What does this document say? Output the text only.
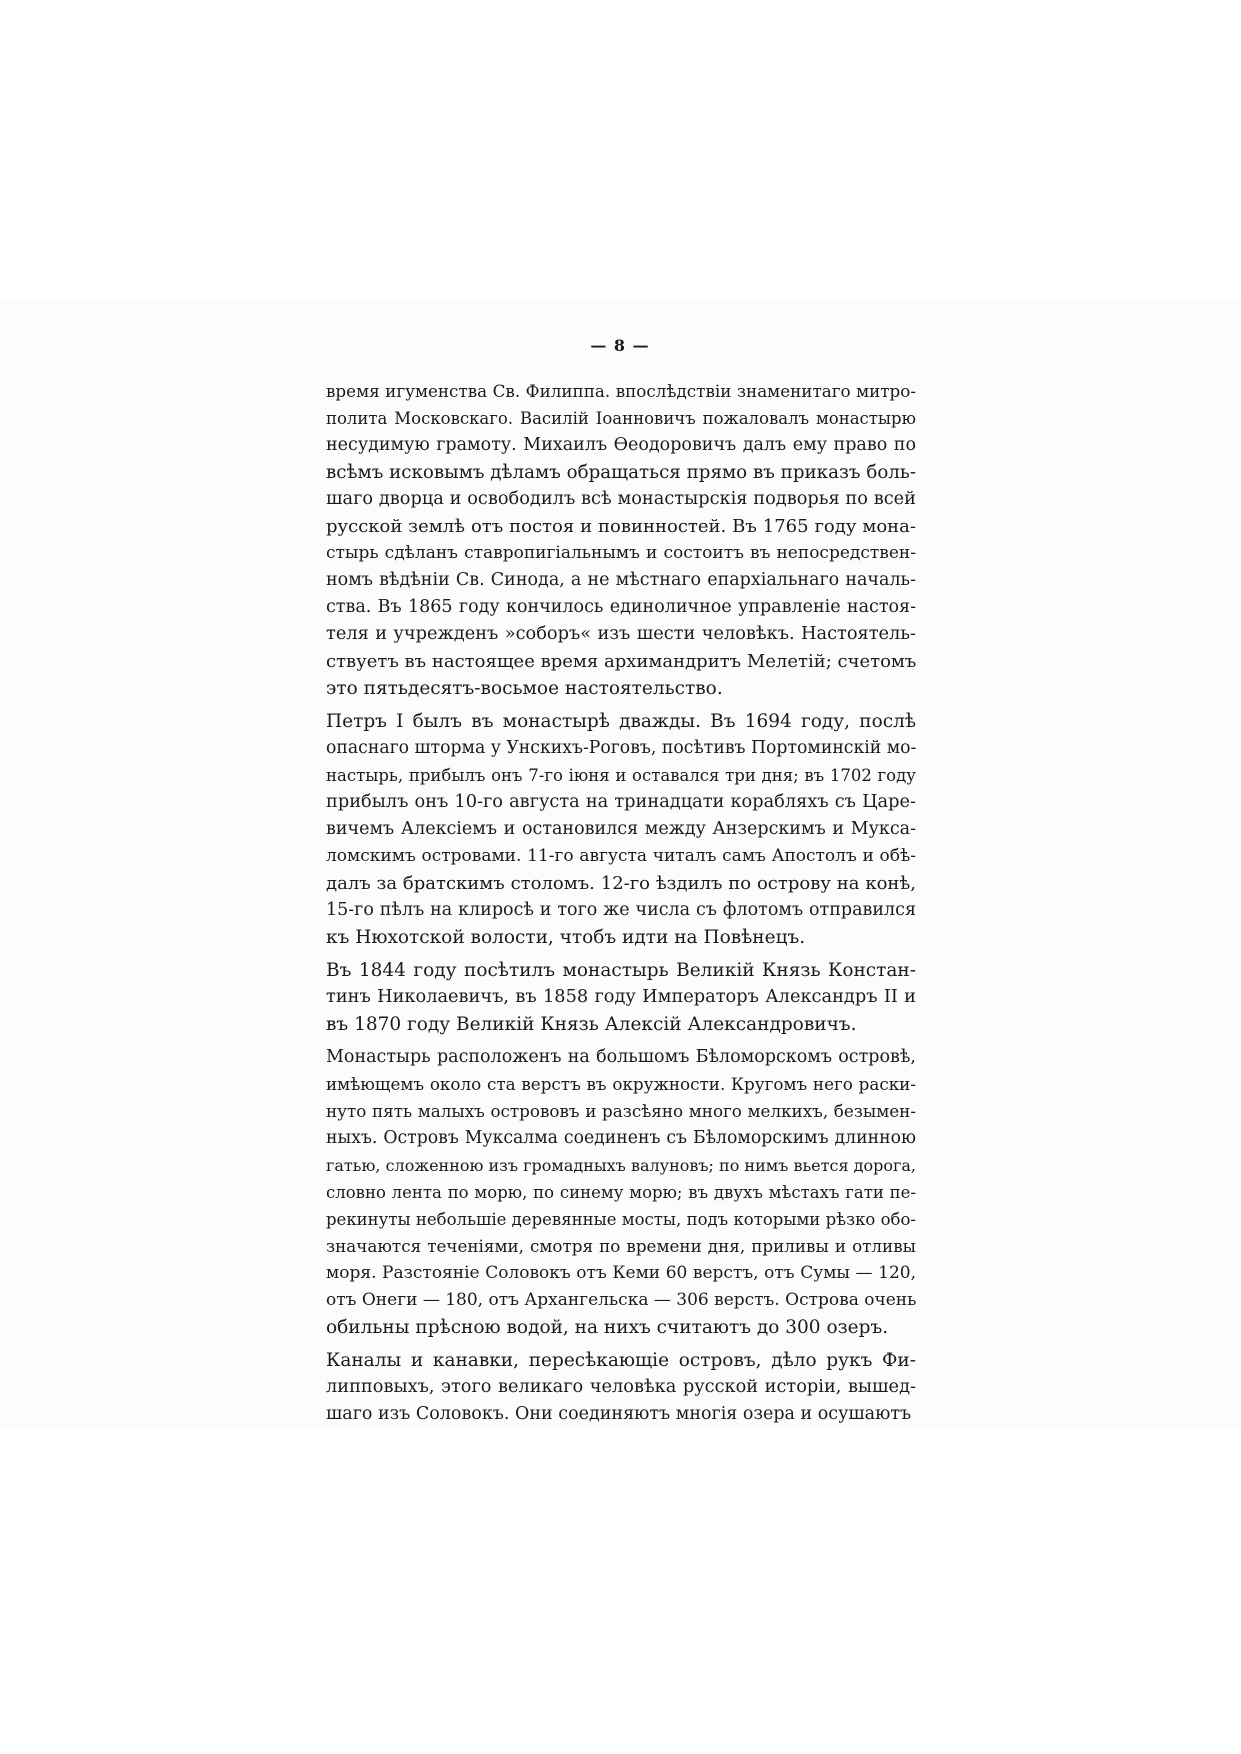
— 8 —
время игуменства Св. Филиппа. впослѣдствіи знаменитаго митро-
полита Московскаго. Василій Іоанновичъ пожаловалъ монастырю
несудимую грамоту. Михаилъ Ѳеодоровичъ далъ ему право по
всѣмъ исковымъ дѣламъ обращаться прямо въ приказъ боль-
шаго дворца и освободилъ всѣ монастырскія подворья по всей
русской землѣ отъ постоя и повинностей. Въ 1765 году мона-
стырь сдѣланъ ставропигіальнымъ и состоитъ въ непосредствен-
номъ вѣдѣніи Св. Синода, а не мѣстнаго епархіальнаго началь-
ства. Въ 1865 году кончилось единоличное управленіе настоя-
теля и учрежденъ »соборъ« изъ шести человѣкъ. Настоятель-
ствуетъ въ настоящее время архимандритъ Мелетій; счетомъ
это пятьдесятъ-восьмое настоятельство.
Петръ I былъ въ монастырѣ дважды. Въ 1694 году, послѣ
опаснаго шторма у Унскихъ-Роговъ, посѣтивъ Портоминскій мо-
настырь, прибылъ онъ 7-го іюня и оставался три дня; въ 1702 году
прибылъ онъ 10-го августа на тринадцати корабляхъ съ Царе-
вичемъ Алексіемъ и остановился между Анзерскимъ и Муксa-
ломскимъ островами. 11-го августа читалъ самъ Апостолъ и обѣ-
далъ за братскимъ столомъ. 12-го ѣздилъ по острову на конѣ,
15-го пѣлъ на клиросѣ и того же числа съ флотомъ отправился
къ Нюхотской волости, чтобъ идти на Повѣнецъ.
Въ 1844 году посѣтилъ монастырь Великій Князь Констан-
тинъ Николаевичъ, въ 1858 году Императоръ Александръ II и
въ 1870 году Великій Князь Алексій Александровичъ.
Монастырь расположенъ на большомъ Бѣломорскомъ островѣ,
имѣющемъ около ста верстъ въ окружности. Кругомъ него раски-
нуто пять малыхъ острововъ и разсѣяно много мелкихъ, безымен-
ныхъ. Островъ Муксалма соединенъ съ Бѣломорскимъ длинною
гатью, сложенною изъ громадныхъ валуновъ; по нимъ вьется дорога,
словно лента по морю, по синему морю; въ двухъ мѣстахъ гати пе-
рекинуты небольшіе деревянные мосты, подъ которыми рѣзко обо-
значаются теченіями, смотря по времени дня, приливы и отливы
моря. Разстояніе Соловокъ отъ Кеми 60 верстъ, отъ Сумы — 120,
отъ Онеги — 180, отъ Архангельска — 306 верстъ. Острова очень
обильны прѣсною водой, на нихъ считаютъ до 300 озеръ.
Каналы и канавки, пересѣкающіе островъ, дѣло рукъ Фи-
липповыхъ, этого великаго человѣка русской исторіи, вышед-
шаго изъ Соловокъ. Они соединяютъ многія озера и осушаютъ
